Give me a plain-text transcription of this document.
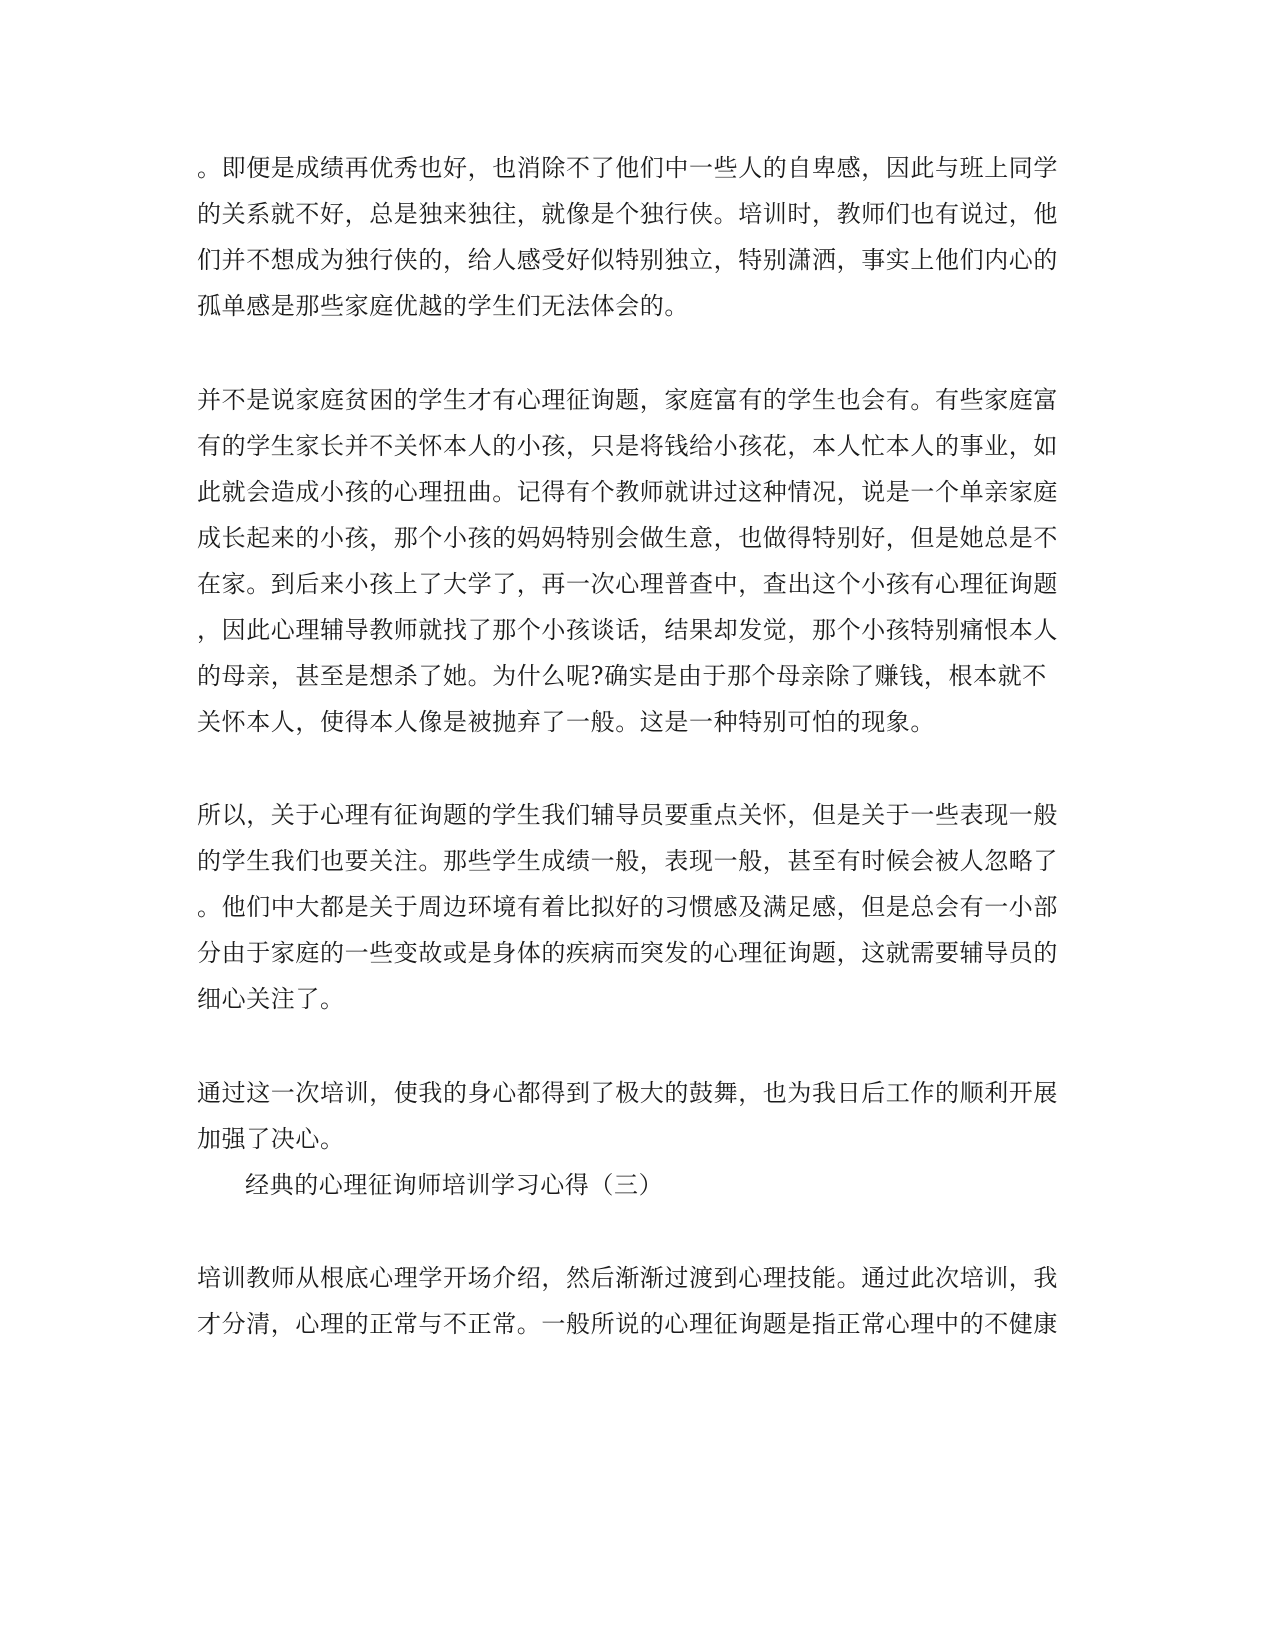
。即便是成绩再优秀也好，也消除不了他们中一些人的自卑感，因此与班上同学
的关系就不好，总是独来独往，就像是个独行侠。培训时，教师们也有说过，他
们并不想成为独行侠的，给人感受好似特别独立，特别潇洒，事实上他们内心的
孤单感是那些家庭优越的学生们无法体会的。
并不是说家庭贫困的学生才有心理征询题，家庭富有的学生也会有。有些家庭富
有的学生家长并不关怀本人的小孩，只是将钱给小孩花，本人忙本人的事业，如
此就会造成小孩的心理扭曲。记得有个教师就讲过这种情况，说是一个单亲家庭
成长起来的小孩，那个小孩的妈妈特别会做生意，也做得特别好，但是她总是不
在家。到后来小孩上了大学了，再一次心理普查中，查出这个小孩有心理征询题
，因此心理辅导教师就找了那个小孩谈话，结果却发觉，那个小孩特别痛恨本人
的母亲，甚至是想杀了她。为什么呢?确实是由于那个母亲除了赚钱，根本就不
关怀本人，使得本人像是被抛弃了一般。这是一种特别可怕的现象。
所以，关于心理有征询题的学生我们辅导员要重点关怀，但是关于一些表现一般
的学生我们也要关注。那些学生成绩一般，表现一般，甚至有时候会被人忽略了
。他们中大都是关于周边环境有着比拟好的习惯感及满足感，但是总会有一小部
分由于家庭的一些变故或是身体的疾病而突发的心理征询题，这就需要辅导员的
细心关注了。
通过这一次培训，使我的身心都得到了极大的鼓舞，也为我日后工作的顺利开展
加强了决心。
经典的心理征询师培训学习心得（三）
培训教师从根底心理学开场介绍，然后渐渐过渡到心理技能。通过此次培训，我
才分清，心理的正常与不正常。一般所说的心理征询题是指正常心理中的不健康
